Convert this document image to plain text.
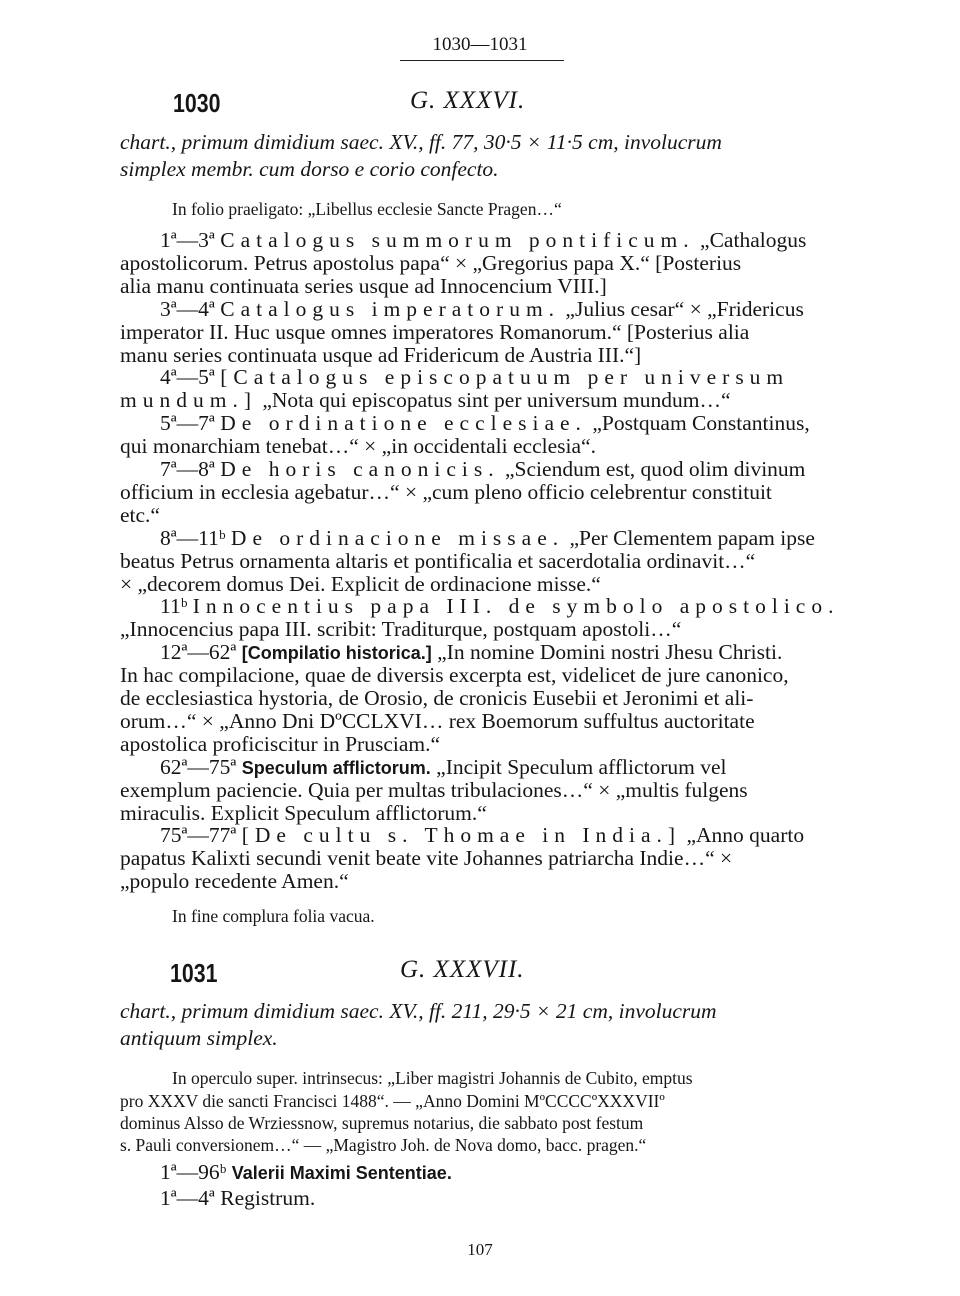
1030—1031
1030	G. XXXVI.
chart., primum dimidium saec. XV., ff. 77, 30·5 × 11·5 cm, involucrum
simplex membr. cum dorso e corio confecto.
In folio praeligato: „Libellus ecclesie Sancte Pragen…“
1ª—3ª Catalogus summorum pontificum. „Cathalogus
apostolicorum. Petrus apostolus papa“ × „Gregorius papa X.“ [Posterius
alia manu continuata series usque ad Innocencium VIII.]
3ª—4ª Catalogus imperatorum. „Julius cesar“ × „Fridericus
imperator II. Huc usque omnes imperatores Romanorum.“ [Posterius alia
manu series continuata usque ad Fridericum de Austria III.“]
4ª—5ª [Catalogus episcopatuum per universum
mundum.] „Nota qui episcopatus sint per universum mundum…“
5ª—7ª De ordinatione ecclesiae. „Postquam Constantinus,
qui monarchiam tenebat…“ × „in occidentali ecclesia“.
7ª—8ª De horis canonicis. „Sciendum est, quod olim divinum
officium in ecclesia agebatur…“ × „cum pleno officio celebrentur constituit
etc.“
8ª—11ᵇ De ordinacione missae. „Per Clementem papam ipse
beatus Petrus ornamenta altaris et pontificalia et sacerdotalia ordinavit…“
× „decorem domus Dei. Explicit de ordinacione misse.“
11ᵇ Innocentius papa III. de symbolo apostolico.
„Innocencius papa III. scribit: Traditurque, postquam apostoli…“
12ª—62ª [Compilatio historica.] „In nomine Domini nostri Jhesu Christi.
In hac compilacione, quae de diversis excerpta est, videlicet de jure canonico,
de ecclesiastica hystoria, de Orosio, de cronicis Eusebii et Jeronimi et ali-
orum…“ × „Anno Dni DºCCLXVI… rex Boemorum suffultus auctoritate
apostolica proficiscitur in Prusciam.“
62ª—75ª Speculum afflictorum. „Incipit Speculum afflictorum vel
exemplum paciencie. Quia per multas tribulaciones…“ × „multis fulgens
miraculis. Explicit Speculum afflictorum.“
75ª—77ª [De cultu s. Thomae in India.] „Anno quarto
papatus Kalixti secundi venit beate vite Johannes patriarcha Indie…“ ×
„populo recedente Amen.“
In fine complura folia vacua.
1031	G. XXXVII.
chart., primum dimidium saec. XV., ff. 211, 29·5 × 21 cm, involucrum
antiquum simplex.
In operculo super. intrinsecus: „Liber magistri Johannis de Cubito, emptus
pro XXXV die sancti Francisci 1488“. — „Anno Domini MºCCCCºXXXVIIº
dominus Alsso de Wrziessnow, supremus notarius, die sabbato post festum
s. Pauli conversionem…“ — „Magistro Joh. de Nova domo, bacc. pragen.“
1ª—96ᵇ Valerii Maximi Sententiae.
1ª—4ª Registrum.
107
